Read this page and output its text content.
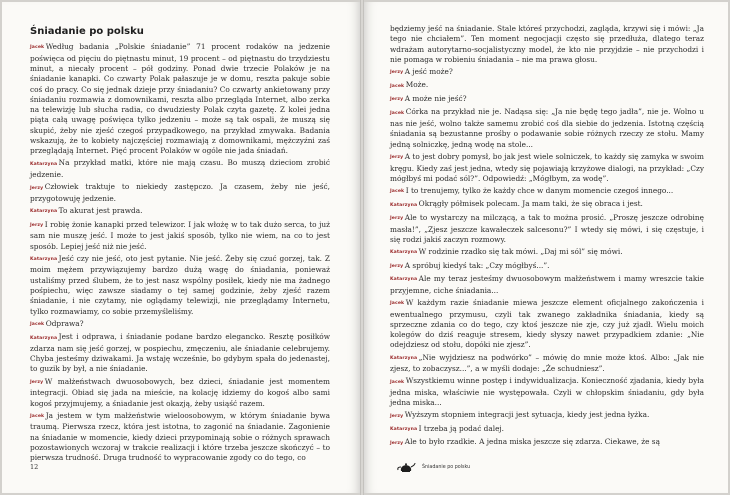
Śniadanie po polsku

Jacek Według badania „Polskie śniadanie” 71 procent rodaków na jedzenie poświęca od pięciu do piętnastu minut, 19 procent – od piętnastu do trzydziestu minut, a niecały procent – pół godziny. Ponad dwie trzecie Polaków je na śniadanie kanapki. Co czwarty Polak pałaszuje je w domu, reszta pakuje sobie coś do pracy. Co się jednak dzieje przy śniadaniu? Co czwarty ankietowany przy śniadaniu rozmawia z domownikami, reszta albo przegląda Internet, albo zerka na telewizję lub słucha radia, co dwudziesty Polak czyta gazetę. Z kolei jedna piąta całą uwagę poświęca tylko jedzeniu – może są tak ospali, że muszą się skupić, żeby nie zjeść czegoś przypadkowego, na przykład zmywaka. Badania wskazują, że to kobiety najczęściej rozmawiają z domownikami, mężczyźni zaś przeglądają Internet. Pięć procent Polaków w ogóle nie jada śniadań.

Katarzyna Na przykład matki, które nie mają czasu. Bo muszą dzieciom zrobić jedzenie.

Jerzy Człowiek traktuje to niekiedy zastępczo. Ja czasem, żeby nie jeść, przygotowuję jedzenie.

Katarzyna To akurat jest prawda.

Jerzy I robię żonie kanapki przed telewizor. I jak włożę w to tak dużo serca, to już sam nie muszę jeść. I może to jest jakiś sposób, tylko nie wiem, na co to jest sposób. Lepiej jeść niż nie jeść.

Katarzyna Jeść czy nie jeść, oto jest pytanie. Nie jeść. Żeby się czuć gorzej, tak. Z moim mężem przywiązujemy bardzo dużą wagę do śniadania, ponieważ ustaliśmy przed ślubem, że to jest nasz wspólny posiłek, kiedy nie ma żadnego pośpiechu, więc zawsze siadamy o tej samej godzinie, żeby zjeść razem śniadanie, i nie czytamy, nie oglądamy telewizji, nie przeglądamy Internetu, tylko rozmawiamy, co sobie przemyśleliśmy.

Jacek Odprawa?

Katarzyna Jest i odprawa, i śniadanie podane bardzo elegancko. Resztę posiłków zdarza nam się jeść gorzej, w pospiechu, zmęczeniu, ale śniadanie celebrujemy. Chyba jesteśmy dziwakami. Ja wstaję wcześnie, bo gdybym spała do jedenastej, to guzik by był, a nie śniadanie.

Jerzy W małżeństwach dwuosobowych, bez dzieci, śniadanie jest momentem integracji. Obiad się jada na mieście, na kolację idziemy do kogoś albo sami kogoś przyjmujemy, a śniadanie jest okazją, żeby usiąść razem.

Jacek Ja jestem w tym małżeństwie wieloosobowym, w którym śniadanie bywa traumą. Pierwsza rzecz, która jest istotna, to zagonić na śniadanie. Zagonienie na śniadanie w momencie, kiedy dzieci przypominają sobie o różnych sprawach pozostawionych wczoraj w trakcie realizacji i które trzeba jeszcze skończyć – to pierwsza trudność. Druga trudność to wypracowanie zgody co do tego, co

12

będziemy jeść na śniadanie. Stale któreś przychodzi, zagląda, krzywi się i mówi: „Ja tego nie chciałem”. Ten moment negocjacji często się przedłuża, dlatego teraz wdrażam autorytarno-socjalistyczny model, że kto nie przyjdzie – nie przychodzi i nie pomaga w robieniu śniadania – nie ma prawa głosu.

Jerzy A jeść może?

Jacek Może.

Jerzy A może nie jeść?

Jacek Córka na przykład nie je. Nadąsa się: „Ja nie będę tego jadła”, nie je. Wolno u nas nie jeść, wolno także samemu zrobić coś dla siebie do jedzenia. Istotną częścią śniadania są bezustanne prośby o podawanie sobie różnych rzeczy ze stołu. Mamy jedną solniczkę, jedną wodę na stole...

Jerzy A to jest dobry pomysł, bo jak jest wiele solniczek, to każdy się zamyka w swoim kręgu. Kiedy zaś jest jedna, wtedy się pojawiają krzyżowe dialogi, na przykład: „Czy mógłbyś mi podać sól?”. Odpowiedź: „Mógłbym, za wodę”.

Jacek I to trenujemy, tylko że każdy chce w danym momencie czegoś innego...

Katarzyna Okrągły półmisek polecam. Ja mam taki, że się obraca i jest.

Jerzy Ale to wystarczy na milczącą, a tak to można prosić. „Proszę jeszcze odrobinę masła!”, „Zjesz jeszcze kawałeczek salcesonu?” I wtedy się mówi, i się częstuje, i się rodzi jakiś zaczyn rozmowy.

Katarzyna W rodzinie rzadko się tak mówi. „Daj mi sól” się mówi.

Jerzy A spróbuj kiedyś tak: „Czy mógłbyś...”.

Katarzyna Ale my teraz jesteśmy dwuosobowym małżeństwem i mamy wreszcie takie przyjemne, ciche śniadania...

Jacek W każdym razie śniadanie miewa jeszcze element oficjalnego zakończenia i ewentualnego przymusu, czyli tak zwanego zakładnika śniadania, kiedy są sprzeczne zdania co do tego, czy ktoś jeszcze nie zje, czy już zjadł. Wielu moich kolegów do dziś reaguje stresem, kiedy słyszy nawet przypadkiem zdanie: „Nie odejdziesz od stołu, dopóki nie zjesz”.

Katarzyna „Nie wyjdziesz na podwórko” – mówię do mnie może ktoś. Albo: „Jak nie zjesz, to zobaczysz...”, a w myśli dodaje: „Że schudniesz”.

Jacek Wszystkiemu winne postęp i indywidualizacja. Konieczność zjadania, kiedy była jedna miska, właściwie nie występowała. Czyli w chłopskim śniadaniu, gdy była jedna miska...

Jerzy Wyższym stopniem integracji jest sytuacja, kiedy jest jedna łyżka.

Katarzyna I trzeba ją podać dalej.

Jerzy Ale to było rzadkie. A jedna miska jeszcze się zdarza. Ciekawe, że są

Śniadanie po polsku
